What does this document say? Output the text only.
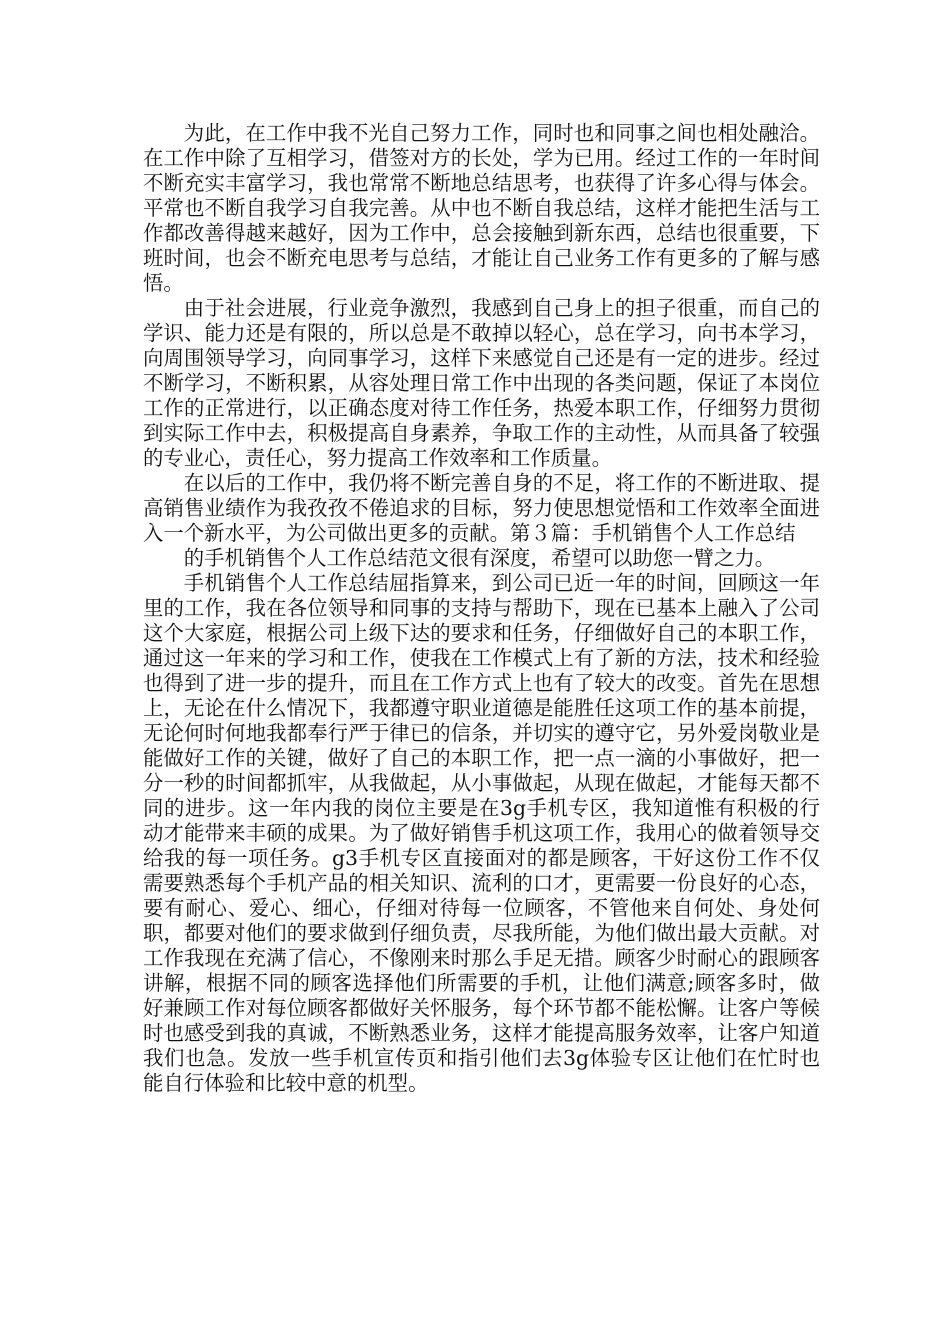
为此，在工作中我不光自己努力工作，同时也和同事之间也相处融洽。在工作中除了互相学习，借签对方的长处，学为已用。经过工作的一年时间不断充实丰富学习，我也常常不断地总结思考，也获得了许多心得与体会。平常也不断自我学习自我完善。从中也不断自我总结，这样才能把生活与工作都改善得越来越好，因为工作中，总会接触到新东西，总结也很重要，下班时间，也会不断充电思考与总结，才能让自己业务工作有更多的了解与感悟。

由于社会进展，行业竞争激烈，我感到自己身上的担子很重，而自己的学识、能力还是有限的，所以总是不敢掉以轻心，总在学习，向书本学习，向周围领导学习，向同事学习，这样下来感觉自己还是有一定的进步。经过不断学习，不断积累，从容处理日常工作中出现的各类问题，保证了本岗位工作的正常进行，以正确态度对待工作任务，热爱本职工作，仔细努力贯彻到实际工作中去，积极提高自身素养，争取工作的主动性，从而具备了较强的专业心，责任心，努力提高工作效率和工作质量。

在以后的工作中，我仍将不断完善自身的不足，将工作的不断进取、提高销售业绩作为我孜孜不倦追求的目标，努力使思想觉悟和工作效率全面进入一个新水平，为公司做出更多的贡献。第３篇：手机销售个人工作总结

的手机销售个人工作总结范文很有深度，希望可以助您一臂之力。

手机销售个人工作总结屈指算来，到公司已近一年的时间，回顾这一年里的工作，我在各位领导和同事的支持与帮助下，现在已基本上融入了公司这个大家庭，根据公司上级下达的要求和任务，仔细做好自己的本职工作，通过这一年来的学习和工作，使我在工作模式上有了新的方法，技术和经验也得到了进一步的提升，而且在工作方式上也有了较大的改变。首先在思想上，无论在什么情况下，我都遵守职业道德是能胜任这项工作的基本前提，无论何时何地我都奉行严于律已的信条，并切实的遵守它，另外爱岗敬业是能做好工作的关键，做好了自己的本职工作，把一点一滴的小事做好，把一分一秒的时间都抓牢，从我做起，从小事做起，从现在做起，才能每天都不同的进步。这一年内我的岗位主要是在3g手机专区，我知道惟有积极的行动才能带来丰硕的成果。为了做好销售手机这项工作，我用心的做着领导交给我的每一项任务。g3手机专区直接面对的都是顾客，干好这份工作不仅需要熟悉每个手机产品的相关知识、流利的口才，更需要一份良好的心态，要有耐心、爱心、细心，仔细对待每一位顾客，不管他来自何处、身处何职，都要对他们的要求做到仔细负责，尽我所能，为他们做出最大贡献。对工作我现在充满了信心，不像刚来时那么手足无措。顾客少时耐心的跟顾客讲解，根据不同的顾客选择他们所需要的手机，让他们满意;顾客多时，做好兼顾工作对每位顾客都做好关怀服务，每个环节都不能松懈。让客户等候时也感受到我的真诚，不断熟悉业务，这样才能提高服务效率，让客户知道我们也急。发放一些手机宣传页和指引他们去3g体验专区让他们在忙时也能自行体验和比较中意的机型。
